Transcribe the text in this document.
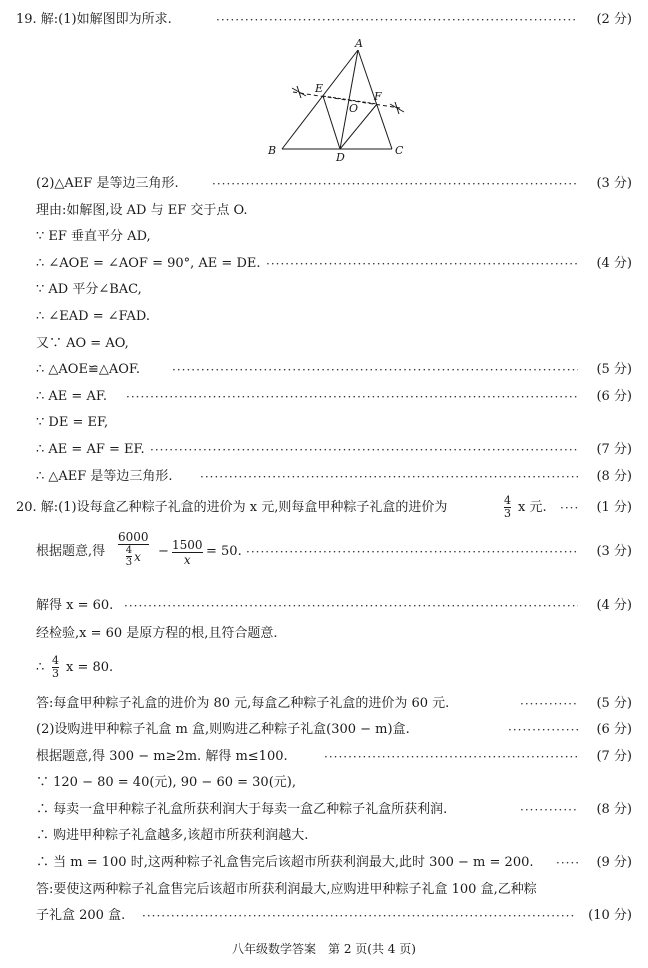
19. 解:(1)如解图即为所求. ·····	(2 分)
A
B	C
D
E
F
O
(2)△AEF 是等边三角形. ·····	(3 分)
理由:如解图,设 AD 与 EF 交于点 O.
∵ EF 垂直平分 AD,
∴ ∠AOE = ∠AOF = 90°, AE = DE. ·····	(4 分)
∵ AD 平分∠BAC,
∴ ∠EAD = ∠FAD.
又∵ AO = AO,
∴ △AOE≌△AOF. ·····	(5 分)
∴ AE = AF. ·····	(6 分)
∵ DE = EF,
∴ AE = AF = EF. ·····	(7 分)
∴ △AEF 是等边三角形. ·····	(8 分)
20. 解:(1)设每盒乙种粽子礼盒的进价为 x 元,则每盒甲种粽子礼盒的进价为	4
3 x 元. ·····	(1 分)
根据题意,得
6000
4
3 x − 1500
x
= 50. ·····	(3 分)
解得 x = 60. ·····	(4 分)
经检验,x = 60 是原方程的根,且符合题意.
∴ 4
3 x = 80.
答:每盒甲种粽子礼盒的进价为 80 元,每盒乙种粽子礼盒的进价为 60 元. ·····	(5 分)
(2)设购进甲种粽子礼盒 m 盒,则购进乙种粽子礼盒(300 − m)盒. ·····	(6 分)
根据题意,得 300 − m≥2m. 解得 m≤100. ·····	(7 分)
∵ 120 − 80 = 40(元), 90 − 60 = 30(元),
∴ 每卖一盒甲种粽子礼盒所获利润大于每卖一盒乙种粽子礼盒所获利润. ·····	(8 分)
∴ 购进甲种粽子礼盒越多,该超市所获利润越大.
∴ 当 m = 100 时,这两种粽子礼盒售完后该超市所获利润最大,此时 300 − m = 200. ·····	(9 分)
答:要使这两种粽子礼盒售完后该超市所获利润最大,应购进甲种粽子礼盒 100 盒,乙种粽
子礼盒 200 盒. ·····	(10 分)
八年级数学答案　第 2 页(共 4 页)
